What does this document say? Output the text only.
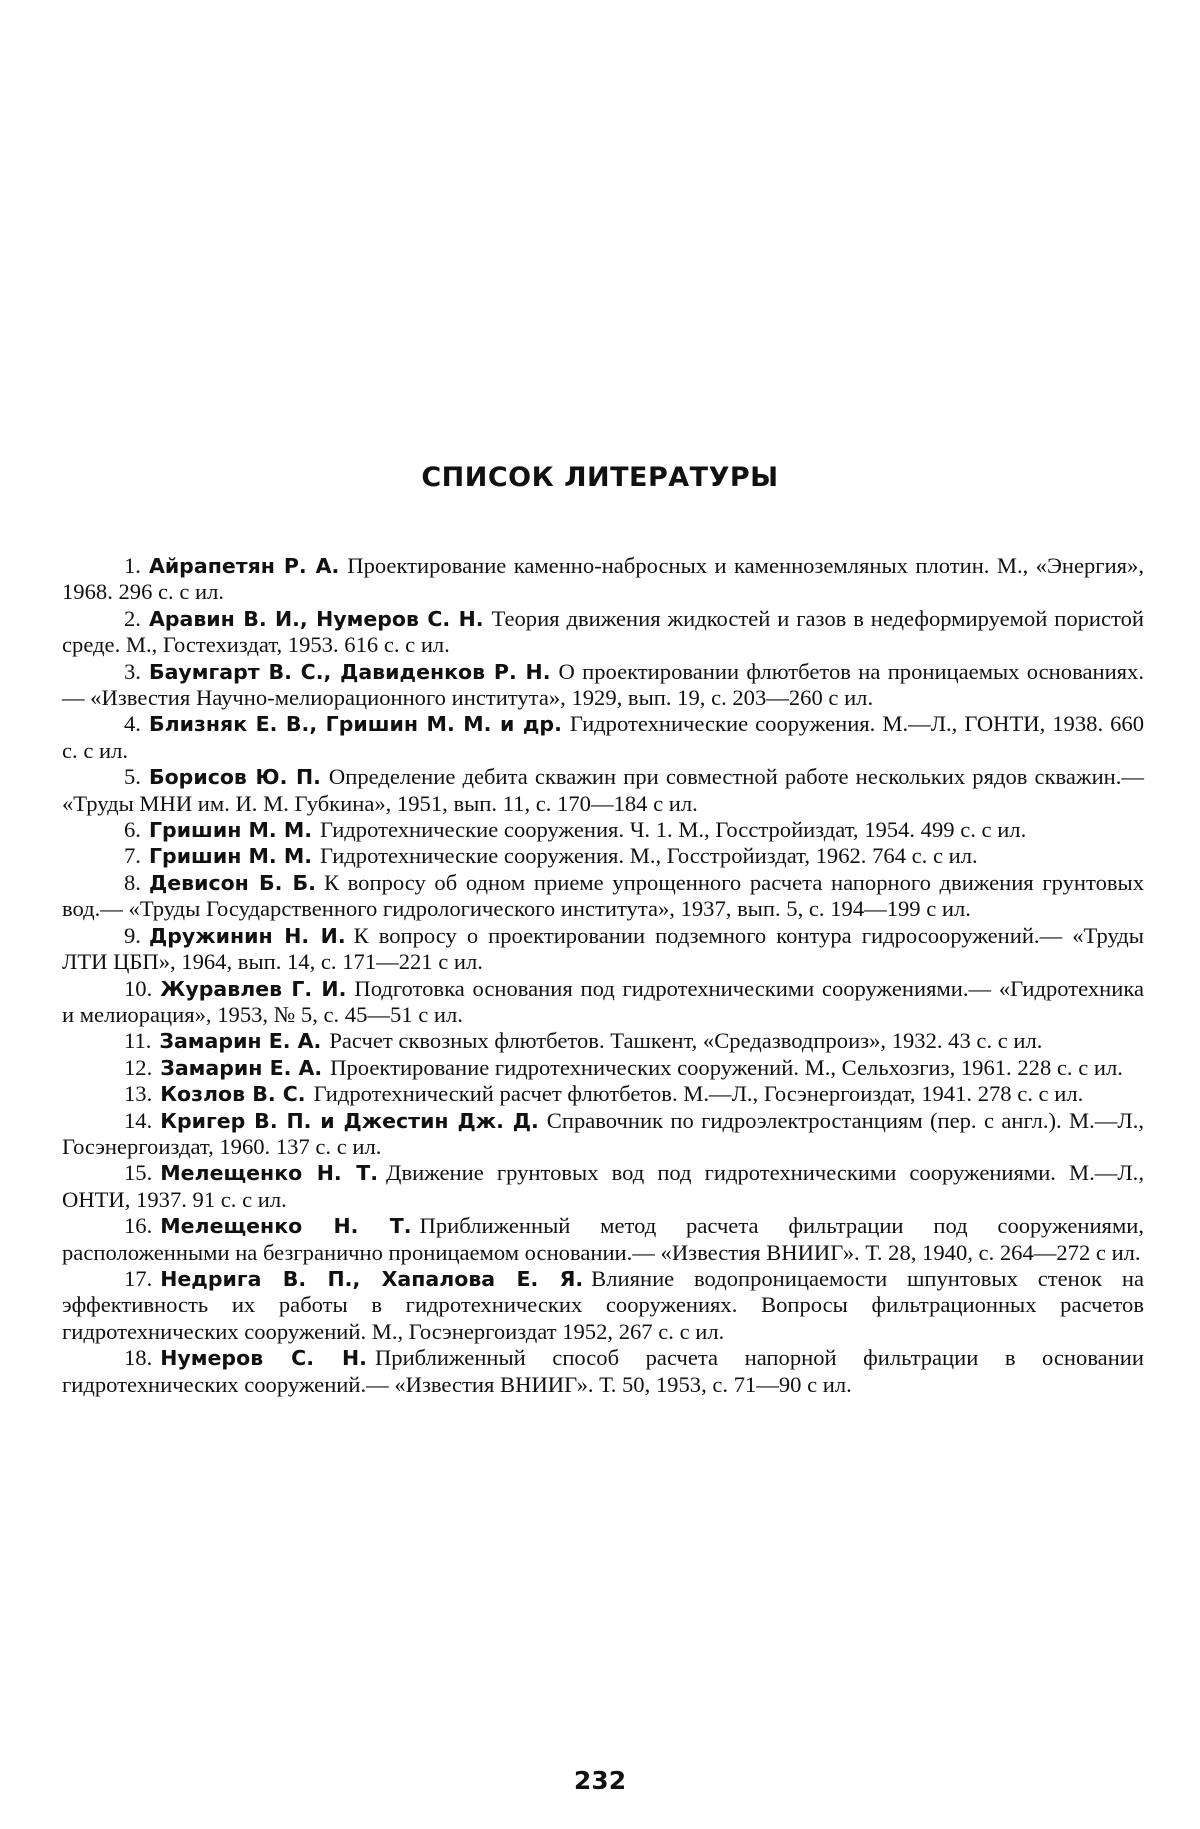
СПИСОК ЛИТЕРАТУРЫ
1. Айрапетян Р. А. Проектирование каменно-набросных и каменноземляных плотин. М., «Энергия», 1968. 296 с. с ил.
2. Аравин В. И., Нумеров С. Н. Теория движения жидкостей и газов в недеформируемой пористой среде. М., Гостехиздат, 1953. 616 с. с ил.
3. Баумгарт В. С., Давиденков Р. Н. О проектировании флютбетов на проницаемых основаниях.— «Известия Научно-мелиорационного института», 1929, вып. 19, с. 203—260 с ил.
4. Близняк Е. В., Гришин М. М. и др. Гидротехнические сооружения. М.—Л., ГОНТИ, 1938. 660 с. с ил.
5. Борисов Ю. П. Определение дебита скважин при совместной работе нескольких рядов скважин.— «Труды МНИ им. И. М. Губкина», 1951, вып. 11, с. 170—184 с ил.
6. Гришин М. М. Гидротехнические сооружения. Ч. 1. М., Госстройиздат, 1954. 499 с. с ил.
7. Гришин М. М. Гидротехнические сооружения. М., Госстройиздат, 1962. 764 с. с ил.
8. Девисон Б. Б. К вопросу об одном приеме упрощенного расчета напорного движения грунтовых вод.— «Труды Государственного гидрологического института», 1937, вып. 5, с. 194—199 с ил.
9. Дружинин Н. И. К вопросу о проектировании подземного контура гидросооружений.— «Труды ЛТИ ЦБП», 1964, вып. 14, с. 171—221 с ил.
10. Журавлев Г. И. Подготовка основания под гидротехническими сооружениями.— «Гидротехника и мелиорация», 1953, № 5, с. 45—51 с ил.
11. Замарин Е. А. Расчет сквозных флютбетов. Ташкент, «Средазводпроиз», 1932. 43 с. с ил.
12. Замарин Е. А. Проектирование гидротехнических сооружений. М., Сельхозгиз, 1961. 228 с. с ил.
13. Козлов В. С. Гидротехнический расчет флютбетов. М.—Л., Госэнергоиздат, 1941. 278 с. с ил.
14. Кригер В. П. и Джестин Дж. Д. Справочник по гидроэлектростанциям (пер. с англ.). М.—Л., Госэнергоиздат, 1960. 137 с. с ил.
15. Мелещенко Н. Т. Движение грунтовых вод под гидротехническими сооружениями. М.—Л., ОНТИ, 1937. 91 с. с ил.
16. Мелещенко Н. Т. Приближенный метод расчета фильтрации под сооружениями, расположенными на безгранично проницаемом основании.— «Известия ВНИИГ». Т. 28, 1940, с. 264—272 с ил.
17. Недрига В. П., Хапалова Е. Я. Влияние водопроницаемости шпунтовых стенок на эффективность их работы в гидротехнических сооружениях. Вопросы фильтрационных расчетов гидротехнических сооружений. М., Госэнергоиздат 1952, 267 с. с ил.
18. Нумеров С. Н. Приближенный способ расчета напорной фильтрации в основании гидротехнических сооружений.— «Известия ВНИИГ». Т. 50, 1953, с. 71—90 с ил.
232
